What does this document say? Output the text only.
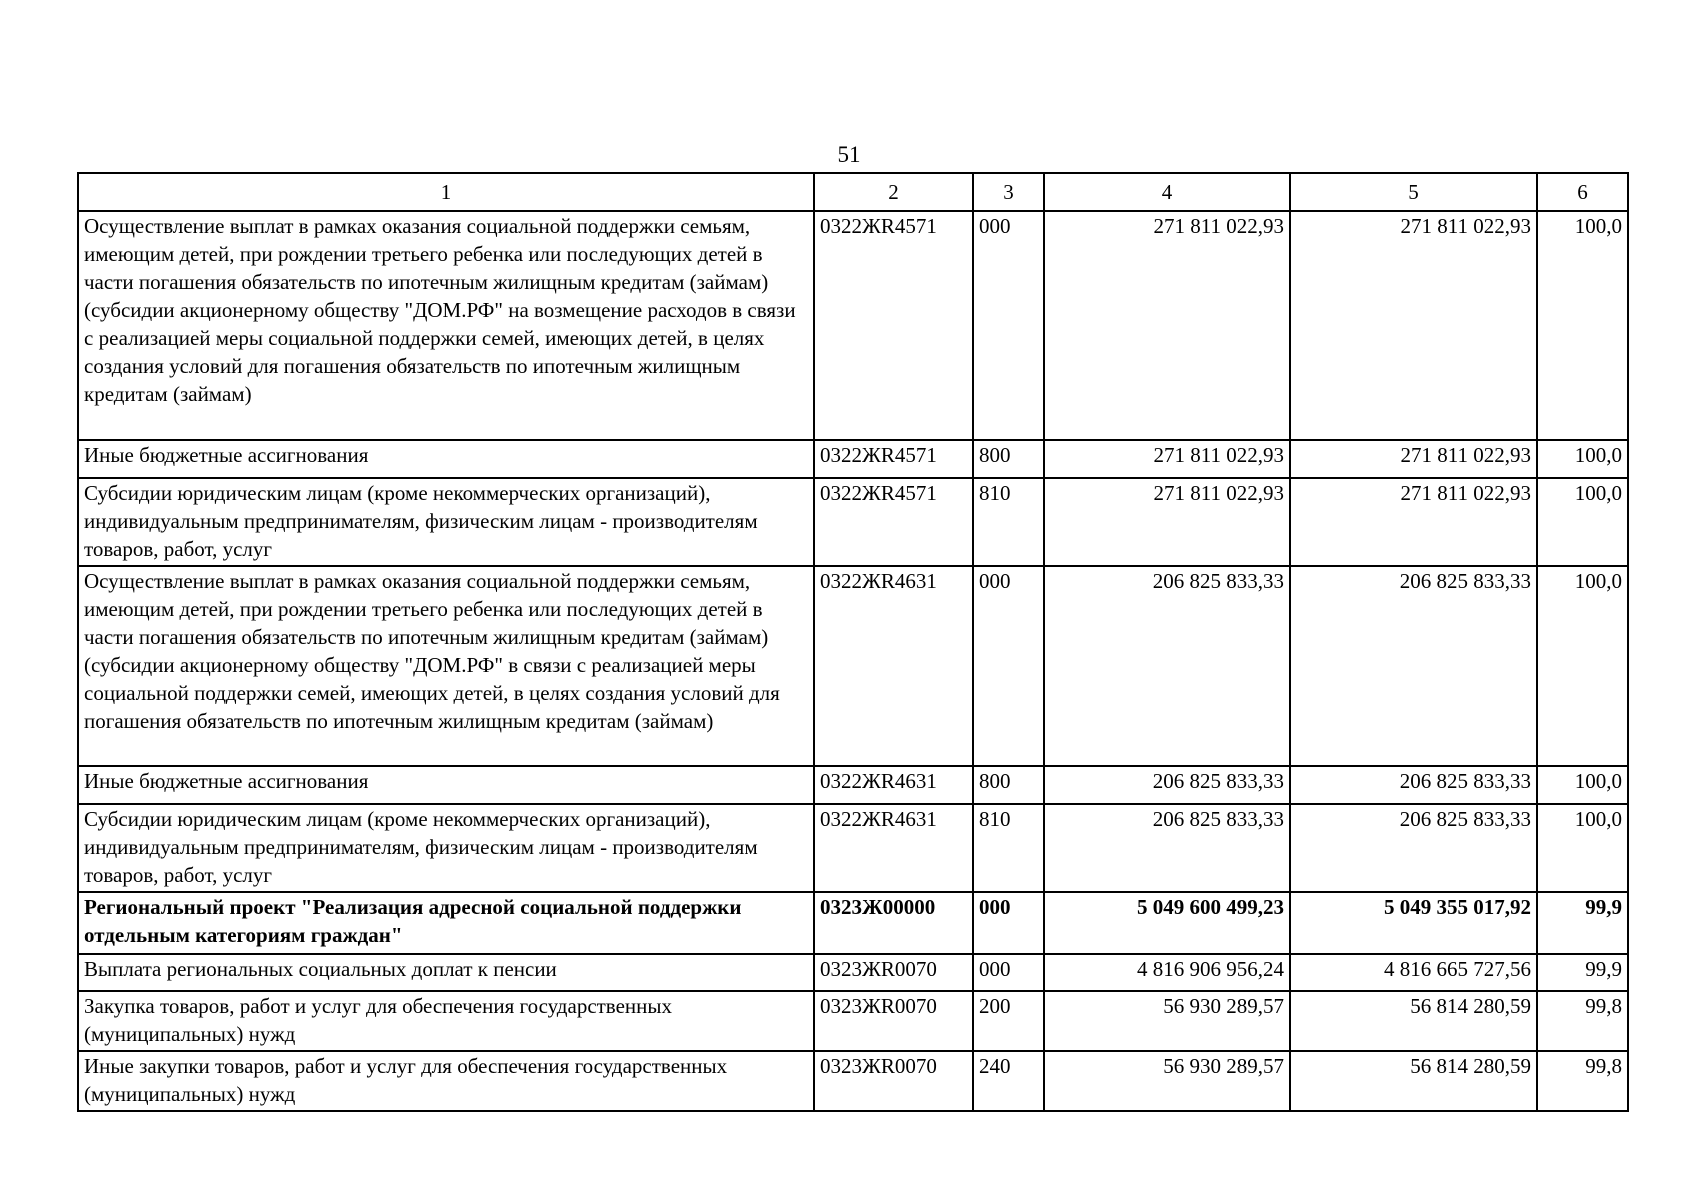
51
1	2	3	4	5	6
Осуществление выплат в рамках оказания социальной поддержки семьям, имеющим детей, при рождении третьего ребенка или последующих детей в части погашения обязательств по ипотечным жилищным кредитам (займам) (субсидии акционерному обществу "ДОМ.РФ" на возмещение расходов в связи с реализацией меры социальной поддержки семей, имеющих детей, в целях создания условий для погашения обязательств по ипотечным жилищным кредитам (займам)	0322ЖR4571	000	271 811 022,93	271 811 022,93	100,0
Иные бюджетные ассигнования	0322ЖR4571	800	271 811 022,93	271 811 022,93	100,0
Субсидии юридическим лицам (кроме некоммерческих организаций), индивидуальным предпринимателям, физическим лицам - производителям товаров, работ, услуг	0322ЖR4571	810	271 811 022,93	271 811 022,93	100,0
Осуществление выплат в рамках оказания социальной поддержки семьям, имеющим детей, при рождении третьего ребенка или последующих детей в части погашения обязательств по ипотечным жилищным кредитам (займам) (субсидии акционерному обществу "ДОМ.РФ" в связи с реализацией меры социальной поддержки семей, имеющих детей, в целях создания условий для погашения обязательств по ипотечным жилищным кредитам (займам)	0322ЖR4631	000	206 825 833,33	206 825 833,33	100,0
Иные бюджетные ассигнования	0322ЖR4631	800	206 825 833,33	206 825 833,33	100,0
Субсидии юридическим лицам (кроме некоммерческих организаций), индивидуальным предпринимателям, физическим лицам - производителям товаров, работ, услуг	0322ЖR4631	810	206 825 833,33	206 825 833,33	100,0
Региональный проект "Реализация адресной социальной поддержки отдельным категориям граждан"	0323Ж00000	000	5 049 600 499,23	5 049 355 017,92	99,9
Выплата региональных социальных доплат к пенсии	0323ЖR0070	000	4 816 906 956,24	4 816 665 727,56	99,9
Закупка товаров, работ и услуг для обеспечения государственных (муниципальных) нужд	0323ЖR0070	200	56 930 289,57	56 814 280,59	99,8
Иные закупки товаров, работ и услуг для обеспечения государственных (муниципальных) нужд	0323ЖR0070	240	56 930 289,57	56 814 280,59	99,8
